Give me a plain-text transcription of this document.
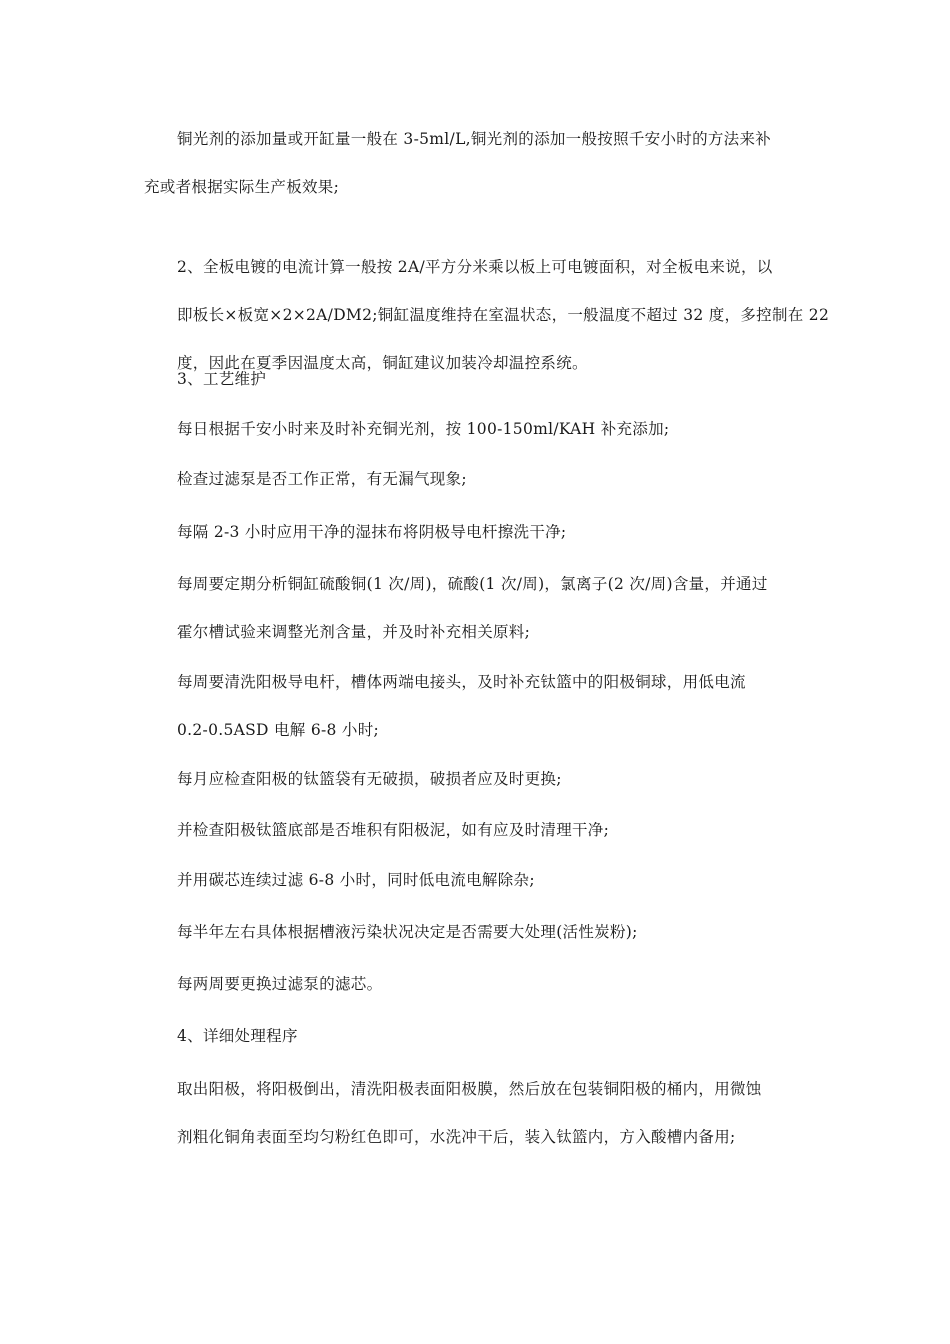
铜光剂的添加量或开缸量一般在 3-5ml/L,铜光剂的添加一般按照千安小时的方法来补
充或者根据实际生产板效果;

2、全板电镀的电流计算一般按 2A/平方分米乘以板上可电镀面积，对全板电来说，以
即板长×板宽×2×2A/DM2;铜缸温度维持在室温状态，一般温度不超过 32 度，多控制在 22
度，因此在夏季因温度太高，铜缸建议加装冷却温控系统。

3、工艺维护

每日根据千安小时来及时补充铜光剂，按 100-150ml/KAH 补充添加;

检查过滤泵是否工作正常，有无漏气现象;

每隔 2-3 小时应用干净的湿抹布将阴极导电杆擦洗干净;

每周要定期分析铜缸硫酸铜(1 次/周)，硫酸(1 次/周)，氯离子(2 次/周)含量，并通过
霍尔槽试验来调整光剂含量，并及时补充相关原料;

每周要清洗阳极导电杆，槽体两端电接头，及时补充钛篮中的阳极铜球，用低电流
0.2-0.5ASD 电解 6-8 小时;

每月应检查阳极的钛篮袋有无破损，破损者应及时更换;

并检查阳极钛篮底部是否堆积有阳极泥，如有应及时清理干净;

并用碳芯连续过滤 6-8 小时，同时低电流电解除杂;

每半年左右具体根据槽液污染状况决定是否需要大处理(活性炭粉);

每两周要更换过滤泵的滤芯。

4、详细处理程序

取出阳极，将阳极倒出，清洗阳极表面阳极膜，然后放在包装铜阳极的桶内，用微蚀
剂粗化铜角表面至均匀粉红色即可，水洗冲干后，装入钛篮内，方入酸槽内备用;
